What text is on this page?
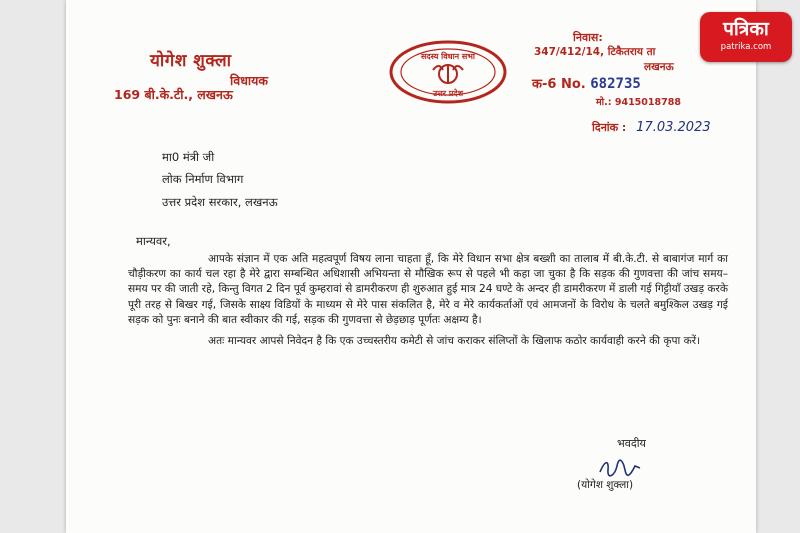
योगेश शुक्ला
विधायक
169 बी.के.टी., लखनऊ
सदस्य विधान सभा
उत्तर प्रदेश
निवास:
347/412/14, टिकैतराय ता
लखनऊ
क-6 No. 682735
मो.: 9415018788
दिनांक : 17.03.2023
मा0 मंत्री जी
लोक निर्माण विभाग
उत्तर प्रदेश सरकार, लखनऊ
मान्यवर,

आपके संज्ञान में एक अति महत्वपूर्ण विषय लाना चाहता हूँ, कि मेरे विधान सभा क्षेत्र बख्शी का तालाब में बी.के.टी. से बाबागंज मार्ग का चौड़ीकरण का कार्य चल रहा है मेरे द्वारा सम्बन्धित अधिशासी अभियन्ता से मौखिक रूप से पहले भी कहा जा चुका है कि सड़क की गुणवत्ता की जांच समय–समय पर की जाती रहे, किन्तु विगत 2 दिन पूर्व कुम्हरावां से डामरीकरण ही शुरुआत हुई मात्र 24 घण्टे के अन्दर ही डामरीकरण में डाली गई गिट्टीयाँ उखड़ करके पूरी तरह से बिखर गई, जिसके साक्ष्य विडियों के माध्यम से मेरे पास संकलित है, मेरे व मेरे कार्यकर्ताओं एवं आमजनों के विरोध के चलते बमुश्किल उखड़ गई सड़क को पुनः बनाने की बात स्वीकार की गई, सड़क की गुणवत्ता से छेड़छाड़ पूर्णतः अक्षम्य है।

अतः मान्यवर आपसे निवेदन है कि एक उच्चस्तरीय कमेटी से जांच कराकर संलिप्तों के खिलाफ कठोर कार्यवाही करने की कृपा करें।

भवदीय
(योगेश शुक्ला)
पत्रिका
patrika.com
